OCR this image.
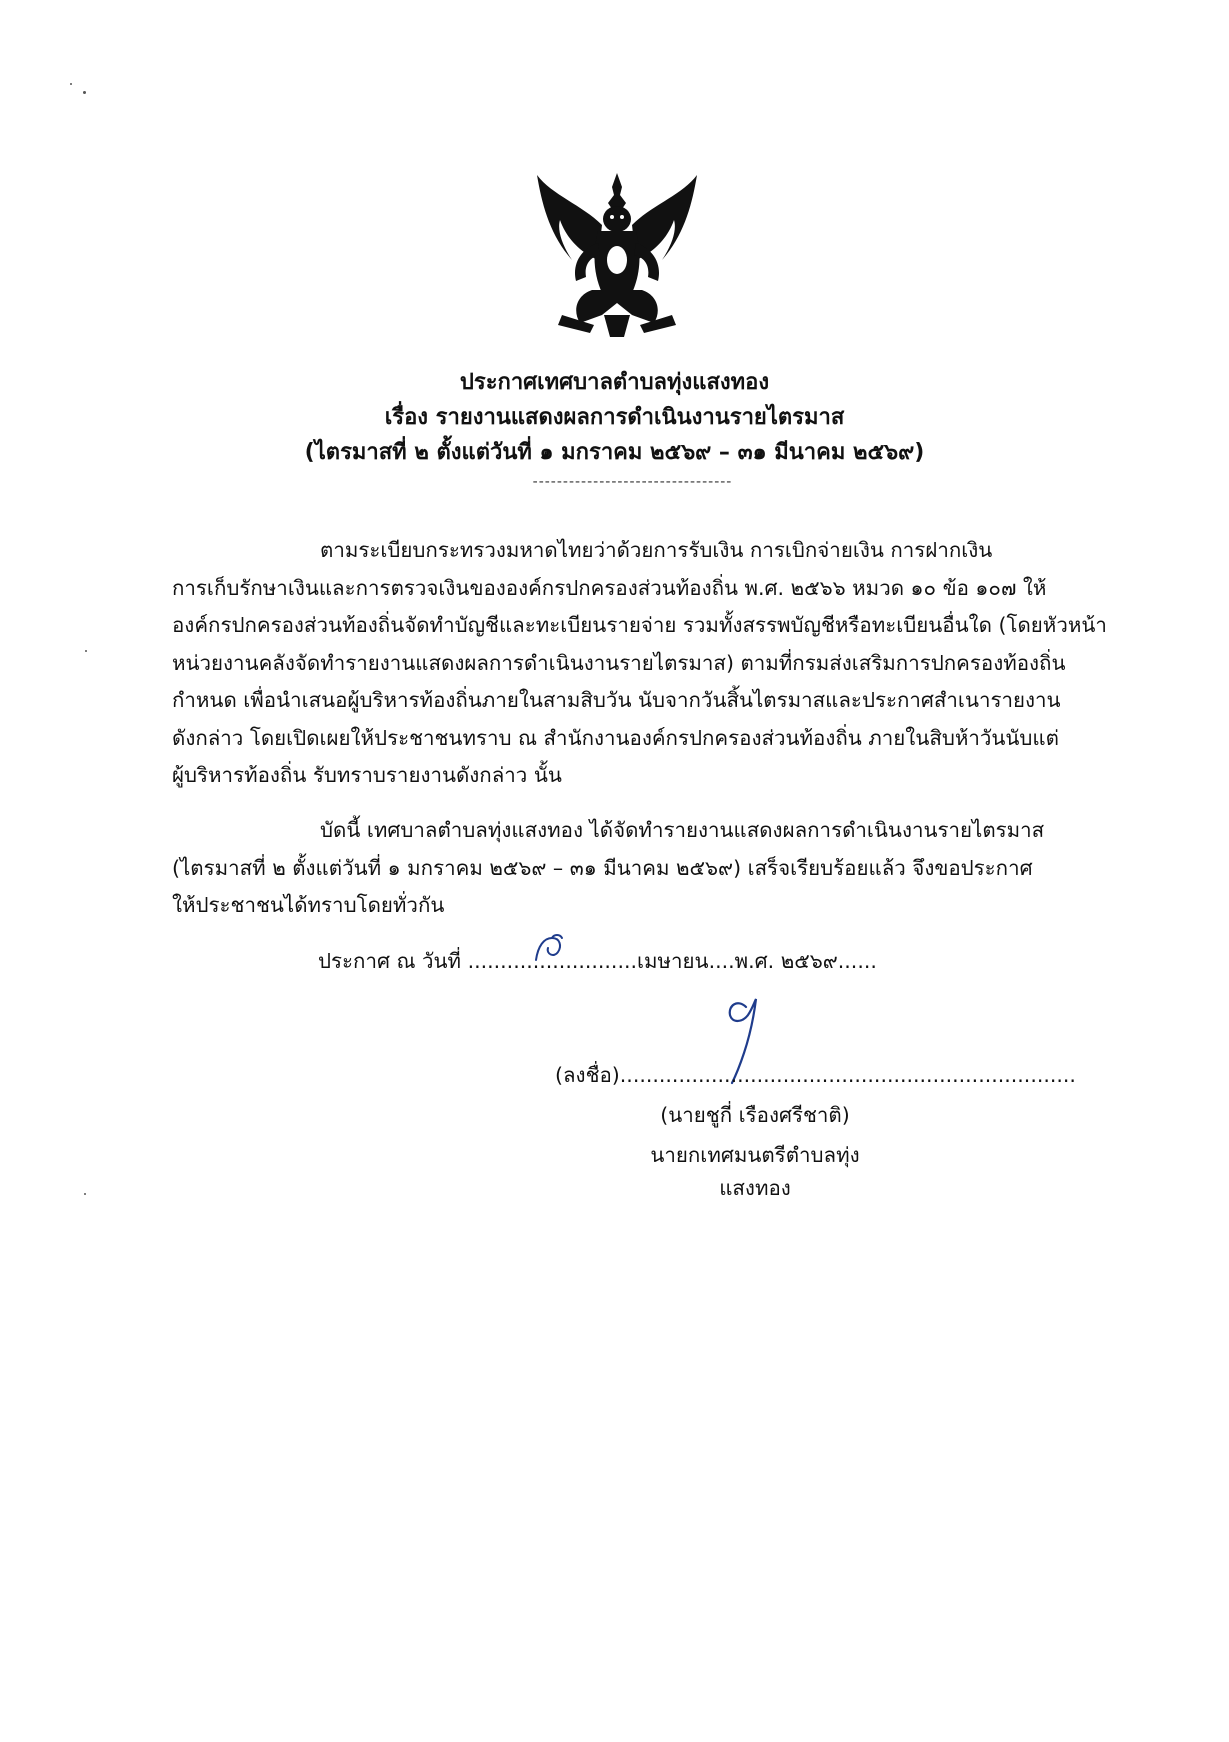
ประกาศเทศบาลตำบลทุ่งแสงทอง
เรื่อง รายงานแสดงผลการดำเนินงานรายไตรมาส
(ไตรมาสที่ ๒ ตั้งแต่วันที่ ๑ มกราคม ๒๕๖๙ – ๓๑ มีนาคม ๒๕๖๙)
---------------------------------
ตามระเบียบกระทรวงมหาดไทยว่าด้วยการรับเงิน การเบิกจ่ายเงิน การฝากเงิน
การเก็บรักษาเงินและการตรวจเงินขององค์กรปกครองส่วนท้องถิ่น พ.ศ. ๒๕๖๖ หมวด ๑๐ ข้อ ๑๐๗ ให้
องค์กรปกครองส่วนท้องถิ่นจัดทำบัญชีและทะเบียนรายจ่าย รวมทั้งสรรพบัญชีหรือทะเบียนอื่นใด (โดยหัวหน้า
หน่วยงานคลังจัดทำรายงานแสดงผลการดำเนินงานรายไตรมาส) ตามที่กรมส่งเสริมการปกครองท้องถิ่น
กำหนด เพื่อนำเสนอผู้บริหารท้องถิ่นภายในสามสิบวัน นับจากวันสิ้นไตรมาสและประกาศสำเนารายงาน
ดังกล่าว โดยเปิดเผยให้ประชาชนทราบ ณ สำนักงานองค์กรปกครองส่วนท้องถิ่น ภายในสิบห้าวันนับแต่
ผู้บริหารท้องถิ่น รับทราบรายงานดังกล่าว นั้น
บัดนี้ เทศบาลตำบลทุ่งแสงทอง ได้จัดทำรายงานแสดงผลการดำเนินงานรายไตรมาส
(ไตรมาสที่ ๒ ตั้งแต่วันที่ ๑ มกราคม ๒๕๖๙ – ๓๑ มีนาคม ๒๕๖๙) เสร็จเรียบร้อยแล้ว จึงขอประกาศ
ให้ประชาชนได้ทราบโดยทั่วกัน
ประกาศ ณ วันที่ ..........................เมษายน....พ.ศ. ๒๕๖๙......
(ลงชื่อ)......................................................................
(นายชูกี่ เรืองศรีชาติ)
นายกเทศมนตรีตำบลทุ่งแสงทอง
